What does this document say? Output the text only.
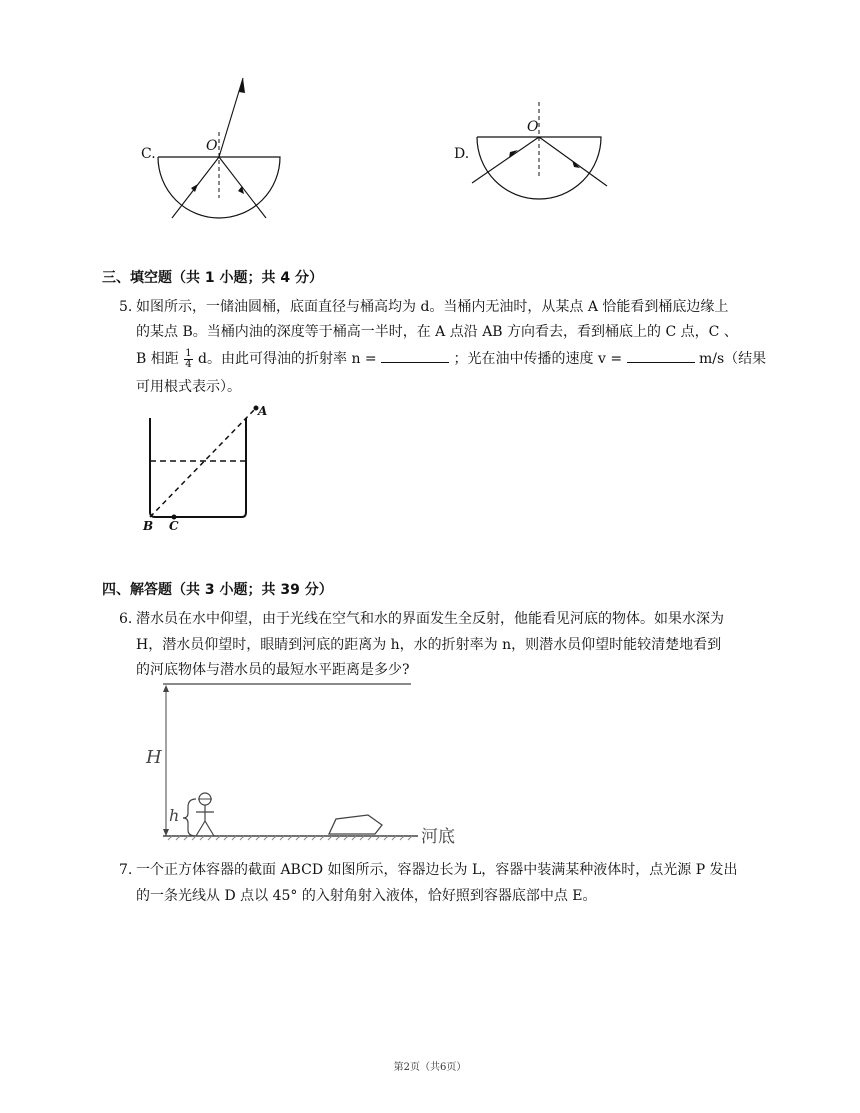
C.	O	D.
O
三、填空题（共 1 小题；共 4 分）
5. 如图所示，一储油圆桶，底面直径与桶高均为 d。当桶内无油时，从某点 A 恰能看到桶底边缘上
的某点 B。当桶内油的深度等于桶高一半时，在 A 点沿 AB 方向看去，看到桶底上的 C 点，C 、
B 相距 $\frac{1}{4}$ d。由此可得油的折射率 n =	；光在油中传播的速度 v =	m/s（结果
可用根式表示）。
A
B C
四、解答题（共 3 小题；共 39 分）
6. 潜水员在水中仰望，由于光线在空气和水的界面发生全反射，他能看见河底的物体。如果水深为
H，潜水员仰望时，眼睛到河底的距离为 h，水的折射率为 n，则潜水员仰望时能较清楚地看到
的河底物体与潜水员的最短水平距离是多少?
H
h
河底
7. 一个正方体容器的截面 ABCD 如图所示，容器边长为 L，容器中装满某种液体时，点光源 P 发出
的一条光线从 D 点以 45° 的入射角射入液体，恰好照到容器底部中点 E。
第2页（共6页）
